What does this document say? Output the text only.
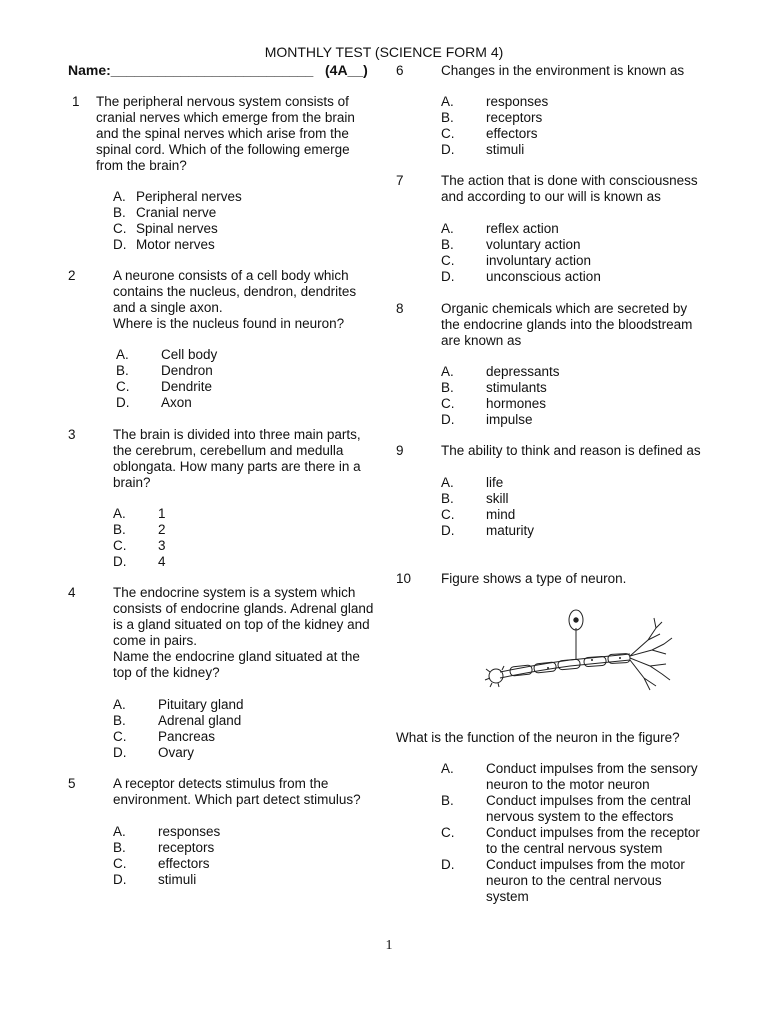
MONTHLY TEST (SCIENCE FORM 4)
Name:__________________________ (4A__)
1 The peripheral nervous system consists of
cranial nerves which emerge from the brain
and the spinal nerves which arise from the
spinal cord. Which of the following emerge
from the brain?
A. Peripheral nerves
B. Cranial nerve
C. Spinal nerves
D. Motor nerves
2	A neurone consists of a cell body which
contains the nucleus, dendron, dendrites
and a single axon.
Where is the nucleus found in neuron?
A. Cell body
B. Dendron
C. Dendrite
D. Axon
3	The brain is divided into three main parts,
the cerebrum, cerebellum and medulla
oblongata. How many parts are there in a
brain?
A. 1
B. 2
C. 3
D. 4
4	The endocrine system is a system which
consists of endocrine glands. Adrenal gland
is a gland situated on top of the kidney and
come in pairs.
Name the endocrine gland situated at the
top of the kidney?
A. Pituitary gland
B. Adrenal gland
C. Pancreas
D. Ovary
5	A receptor detects stimulus from the
environment. Which part detect stimulus?
A. responses
B. receptors
C. effectors
D. stimuli
6	Changes in the environment is known as
A. responses
B. receptors
C. effectors
D. stimuli
7	The action that is done with consciousness
and according to our will is known as
A. reflex action
B. voluntary action
C. involuntary action
D. unconscious action
8	Organic chemicals which are secreted by
the endocrine glands into the bloodstream
are known as
A. depressants
B. stimulants
C. hormones
D. impulse
9	The ability to think and reason is defined as
A. life
B. skill
C. mind
D. maturity
10 Figure shows a type of neuron.
What is the function of the neuron in the figure?
A. Conduct impulses from the sensory
neuron to the motor neuron
B. Conduct impulses from the central
nervous system to the effectors
C. Conduct impulses from the receptor
to the central nervous system
D. Conduct impulses from the motor
neuron to the central nervous
system
1
